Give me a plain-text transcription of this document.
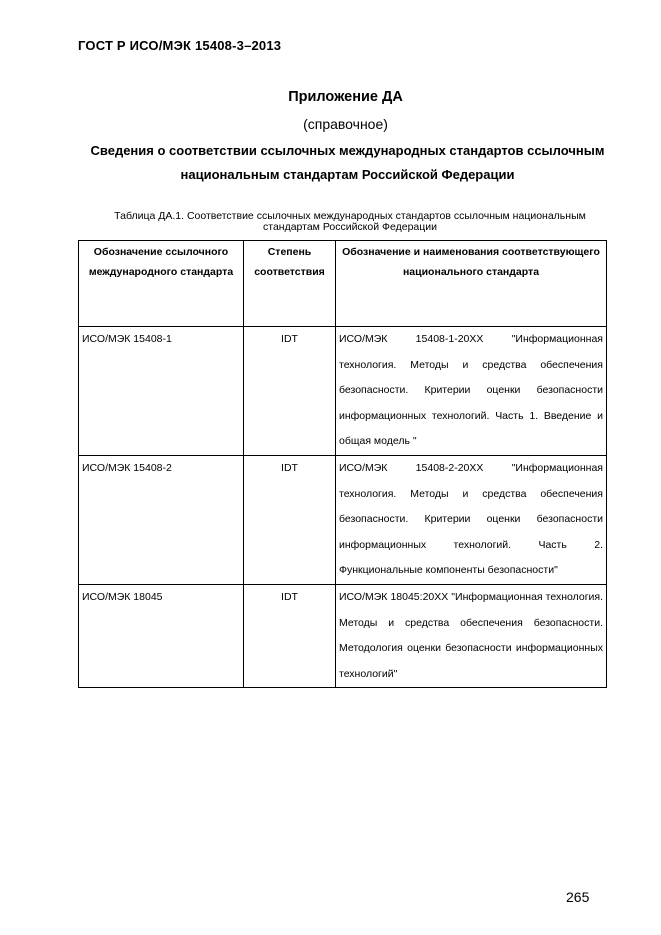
ГОСТ Р ИСО/МЭК 15408-3–2013
Приложение ДА
(справочное)
Сведения о соответствии ссылочных международных стандартов ссылочным национальным стандартам Российской Федерации
Таблица ДА.1. Соответствие ссылочных международных стандартов ссылочным национальным стандартам Российской Федерации
Обозначение ссылочного международного стандарта	Степень соответствия	Обозначение и наименования соответствующего национального стандарта
ИСО/МЭК 15408-1	IDT	ИСО/МЭК 15408-1-20ХХ "Информационная технология. Методы и средства обеспечения безопасности. Критерии оценки безопасности информационных технологий. Часть 1. Введение и общая модель "
ИСО/МЭК 15408-2	IDT	ИСО/МЭК 15408-2-20ХХ "Информационная технология. Методы и средства обеспечения безопасности. Критерии оценки безопасности информационных технологий. Часть 2. Функциональные компоненты безопасности"
ИСО/МЭК 18045	IDT	ИСО/МЭК 18045:20ХХ "Информационная технология. Методы и средства обеспечения безопасности. Методология оценки безопасности информационных технологий"
265
